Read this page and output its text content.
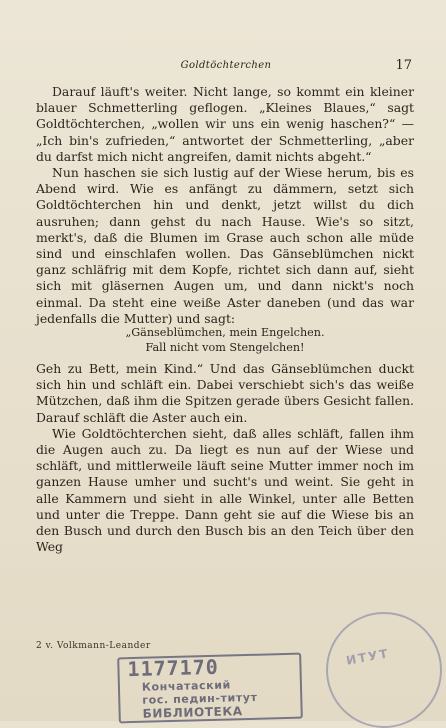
Goldtöchterchen	17

Darauf läuft's weiter. Nicht lange, so kommt ein kleiner blauer Schmetterling geflogen. „Kleines Blaues,“ sagt Goldtöchterchen, „wollen wir uns ein wenig haschen?“ — „Ich bin's zufrieden,“ antwortet der Schmetterling, „aber du darfst mich nicht angreifen, damit nichts abgeht.“

Nun haschen sie sich lustig auf der Wiese herum, bis es Abend wird. Wie es anfängt zu dämmern, setzt sich Goldtöchterchen hin und denkt, jetzt willst du dich ausruhen; dann gehst du nach Hause. Wie's so sitzt, merkt's, daß die Blumen im Grase auch schon alle müde sind und einschlafen wollen. Das Gänseblümchen nickt ganz schläfrig mit dem Kopfe, richtet sich dann auf, sieht sich mit gläsernen Augen um, und dann nickt's noch einmal. Da steht eine weiße Aster daneben (und das war jedenfalls die Mutter) und sagt:

„Gänseblümchen, mein Engelchen.
Fall nicht vom Stengelchen!

Geh zu Bett, mein Kind.“ Und das Gänseblümchen duckt sich hin und schläft ein. Dabei verschiebt sich's das weiße Mützchen, daß ihm die Spitzen gerade übers Gesicht fallen. Darauf schläft die Aster auch ein.

Wie Goldtöchterchen sieht, daß alles schläft, fallen ihm die Augen auch zu. Da liegt es nun auf der Wiese und schläft, und mittlerweile läuft seine Mutter immer noch im ganzen Hause umher und sucht's und weint. Sie geht in alle Kammern und sieht in alle Winkel, unter alle Betten und unter die Treppe. Dann geht sie auf die Wiese bis an den Busch und durch den Busch bis an den Teich über den Weg

2 v. Volkmann-Leander
ИТУТ
1177170
Кончатаский
гос. педин-титут
БИБЛИОТЕКА
